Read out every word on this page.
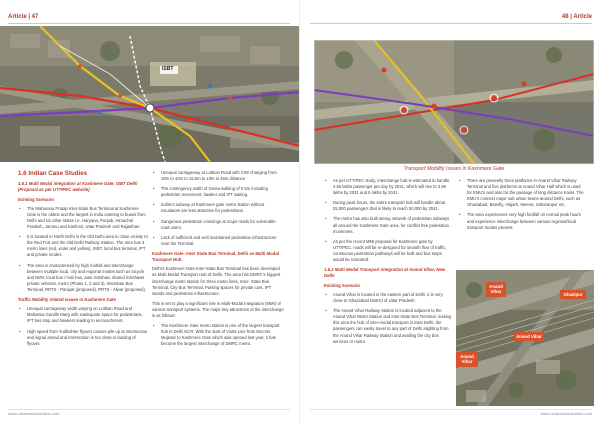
Article | 47
ISBT
1.6 Indian Case Studies
1.6.1 Multi Modal integration at Kashmere Gate, ISBT Delhi (Proposal as per UTTIPEC website)
Existing Scenario
• The Maharana Pratap Inter-State Bus Terminal at Kashmere Gate is the oldest and the largest in India catering to buses from Delhi and six other states i.e. Haryana, Punjab, Himachal Pradesh, Jammu and Kashmir, Uttar Pradesh and Rajasthan.
• It is located in North Delhi in the Old Delhi area in close vicinity to the Red Fort and the Old Delhi Railway Station. The area has 3 metro lines (red, violet and yellow), ISBT, local bus terminal, IPT and private modes.
• The area is characterised by high footfall and interchange between multiple local, city and regional modes such as bicycle and NMV, local bus / mini bus, auto rickshaw, shared rickshaws private vehicles, metro (Phase 1, 2 and 3), Interstate Bus Terminal, RRTS - Panipat (proposed), RRTS - Alwar (proposed).
Traffic Mobility related issues in Kashmere Gate
• Unequal carriageway width varying on Lothian Road and Mahatma Gandhi Marg with inadequate space for pedestrians, IPT bus stop and hawkers leading to encroachment.
• High speed from Yudhishter flyover causes pile up at intersection and signal ahead and intersection is too close to landing of flyover.
• Unequal carriageway at Lothian Road with C/W changing from 19m to 43m to 15.5m to 10m in 45m distance
• The contingency width of Geeta walking of 0.5m including pedestrian movement, hawker and IPT waiting.
• Indirect subway at Kashmere gate metro station without escalators are less attractive for pedestrians.
• Dangerous pedestrian crossings at major roads for vulnerable road users.
• Lack of sufficient and well maintained pedestrian infrastructure near the Terminal.
Kashmere Gate- Inter State Bus Terminal, Delhi as Multi Modal Transport Hub:

Delhi's Kashmere Gate Inter-State Bus Terminal has been developed as Multi Modal Transport Hub of Delhi. The area has DMRC's biggest interchange metro station for three metro lines, Inter- State Bus Terminal, City Bus Terminal, Parking spaces for private cars, IPT stands and pedestrian infrastructure.

This is set to play a significant role in Multi-Modal Integration (MMI) of various transport systems. The major key attractions of the interchange is as follows:

• The Kashmere Gate metro station is one of the largest transport hub in Delhi NCR. With the start of Violet Line from Escorts Mujesar to Kashmere Gate which was opened last year, it has become the largest interchange of DMRC metro.
www.urbanvisionsonline.com
48 | Article
Transport Mobility Issues in Kashmere Gate
• As per UTTIPEC study, interchange hub is estimated to handle 2.56 lakhs passenger per day by 2021, which will rise to 3.96 lakhs by 2031 and 5 lakhs by 2041.
• During peak hours, the entire transport hub will handle about 25,000 passengers that is likely to reach 50,000 by 2041.
• The metro has also built strong network of pedestrian subways all around the Kashmere Gate area, for conflict free pedestrian movement.
• As per the recent MMI proposal for Kashmere gate by UTTIPEC, roads will be re-designed for smooth flow of traffic, continuous pedestrian pathways will be built and bus stops would be relocated.
1.6.2 Multi Modal Transport integration at Anand Vihar, New Delhi
Existing Scenario
• Anand Vihar is located in the eastern part of Delhi, it is very close to Ghaziabad District of Uttar Pradesh.
• The Anand Vihar Railway Station is located adjacent to the Anand Vihar Metro Station and Inter-state Bus Terminal, making this area the hub of inter-modal transport in East Delhi; the passengers can easily travel to any part of Delhi alighting from the Anand Vihar Railway Station and availing the city bus services or metro.
• There are presently three platforms in Anand Vihar Railway Terminal and five platforms at Anand Vihar Halt which is used for EMU's and also for the passage of long distance trains. The EMU's connect major sub urban towns around Delhi, such as Ghaziabad, Bareilly, Aligarh, Meerut, Saharanpur etc.
• The area experiences very high footfall on normal peak hours and experience interchange between various regional/local transport modes present.
Anand Vihar
Ghazipur
Anand Vihar
Anand Vihar
www.urbanvisionsonline.com
